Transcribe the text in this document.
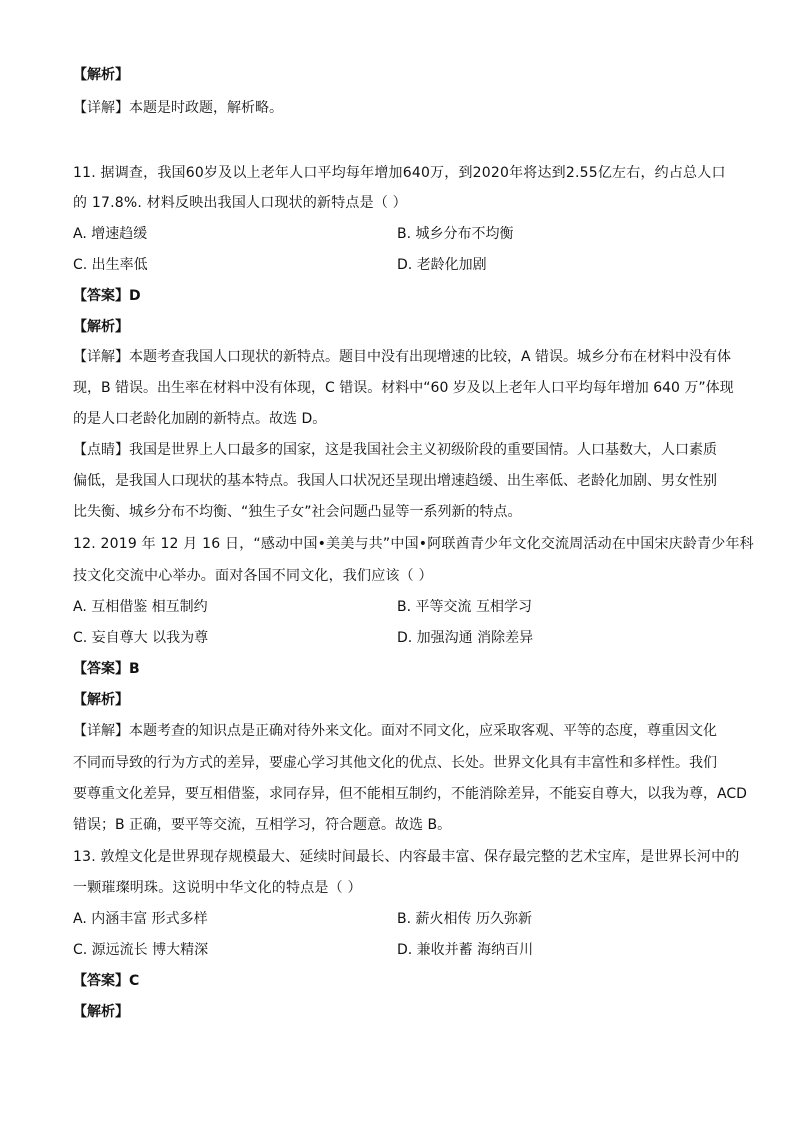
【解析】
【详解】本题是时政题，解析略。
11. 据调查，我国60岁及以上老年人口平均每年增加640万，到2020年将达到2.55亿左右，约占总人口
的 17.8%. 材料反映出我国人口现状的新特点是（ ）
A. 增速趋缓	B. 城乡分布不均衡
C. 出生率低	D. 老龄化加剧
【答案】D
【解析】
【详解】本题考查我国人口现状的新特点。题目中没有出现增速的比较，A 错误。城乡分布在材料中没有体
现，B 错误。出生率在材料中没有体现，C 错误。材料中“60 岁及以上老年人口平均每年增加 640 万”体现
的是人口老龄化加剧的新特点。故选 D。
【点睛】我国是世界上人口最多的国家，这是我国社会主义初级阶段的重要国情。人口基数大，人口素质
偏低，是我国人口现状的基本特点。我国人口状况还呈现出增速趋缓、出生率低、老龄化加剧、男女性别
比失衡、城乡分布不均衡、“独生子女”社会问题凸显等一系列新的特点。
12. 2019 年 12 月 16 日，“感动中国•美美与共”中国•阿联酋青少年文化交流周活动在中国宋庆龄青少年科
技文化交流中心举办。面对各国不同文化，我们应该（ ）
A. 互相借鉴 相互制约	B. 平等交流 互相学习
C. 妄自尊大 以我为尊	D. 加强沟通 消除差异
【答案】B
【解析】
【详解】本题考查的知识点是正确对待外来文化。面对不同文化，应采取客观、平等的态度，尊重因文化
不同而导致的行为方式的差异，要虚心学习其他文化的优点、长处。世界文化具有丰富性和多样性。我们
要尊重文化差异，要互相借鉴，求同存异，但不能相互制约，不能消除差异，不能妄自尊大，以我为尊，ACD
错误；B 正确，要平等交流，互相学习，符合题意。故选 B。
13. 敦煌文化是世界现存规模最大、延续时间最长、内容最丰富、保存最完整的艺术宝库，是世界长河中的
一颗璀璨明珠。这说明中华文化的特点是（ ）
A. 内涵丰富 形式多样	B. 薪火相传 历久弥新
C. 源远流长 博大精深	D. 兼收并蓄 海纳百川
【答案】C
【解析】
